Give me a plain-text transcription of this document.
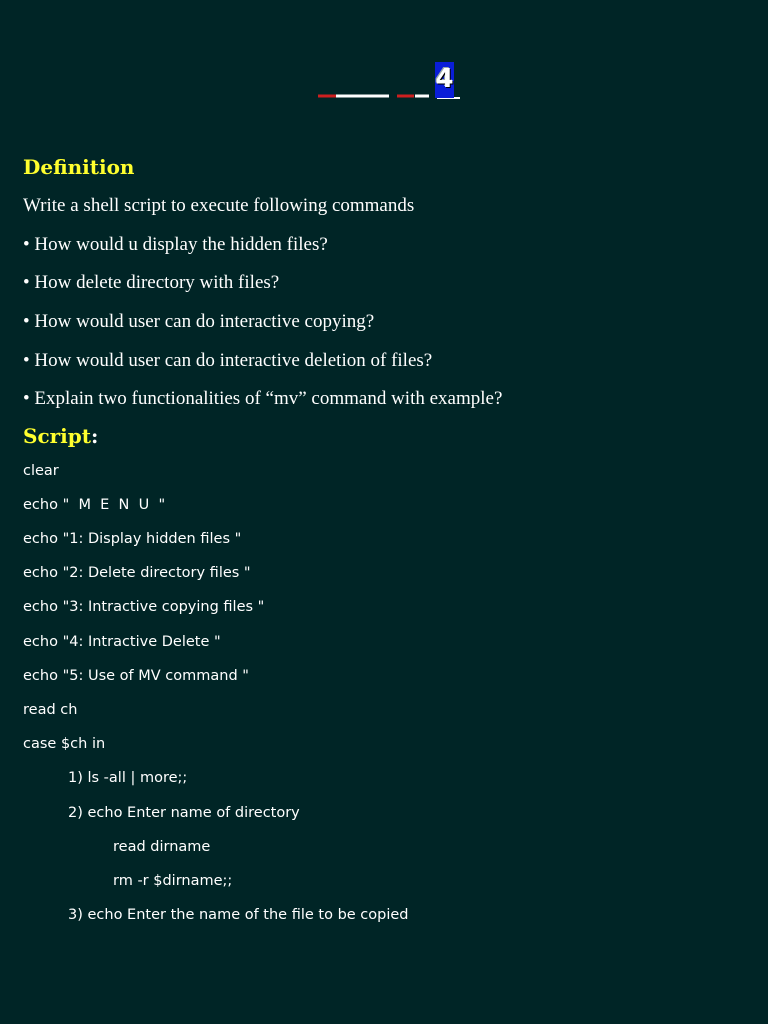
4
Definition
Write a shell script to execute following commands
• How would u display the hidden files?
• How delete directory with files?
• How would user can do interactive copying?
• How would user can do interactive deletion of files?
• Explain two functionalities of “mv” command with example?
Script:
clear
echo "  M  E  N  U  "
echo "1: Display hidden files "
echo "2: Delete directory files "
echo "3: Intractive copying files "
echo "4: Intractive Delete "
echo "5: Use of MV command "
read ch
case $ch in
1) ls -all | more;;
2) echo Enter name of directory
read dirname
rm -r $dirname;;
3) echo Enter the name of the file to be copied
